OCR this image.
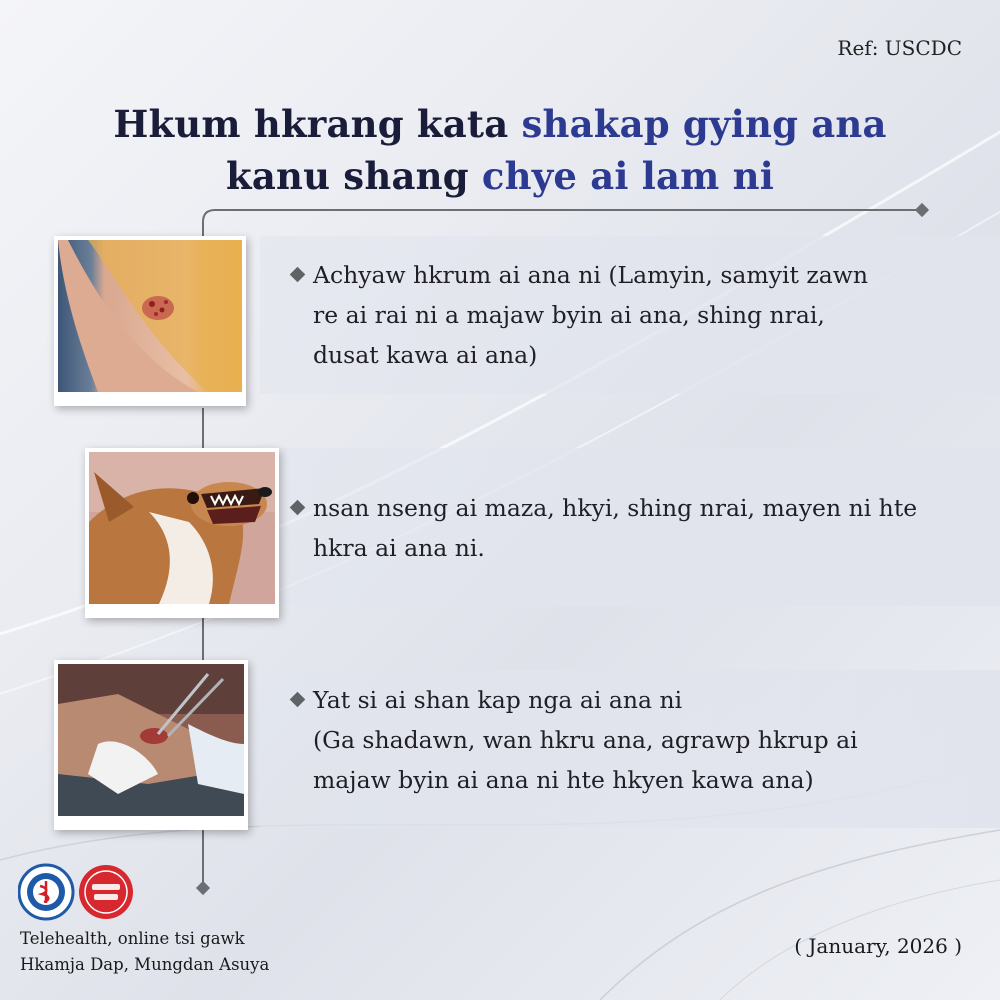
Ref: USCDC
Hkum hkrang kata shakap gying ana
kanu shang chye ai lam ni
Achyaw hkrum ai ana ni (Lamyin, samyit zawn
re ai rai ni a majaw byin ai ana, shing nrai,
dusat kawa ai ana)
nsan nseng ai maza, hkyi, shing nrai, mayen ni hte
hkra ai ana ni.
Yat si ai shan kap nga ai ana ni
(Ga shadawn, wan hkru ana, agrawp hkrup ai
majaw byin ai ana ni hte hkyen kawa ana)
Telehealth, online tsi gawk
Hkamja Dap, Mungdan Asuya
( January, 2026 )
